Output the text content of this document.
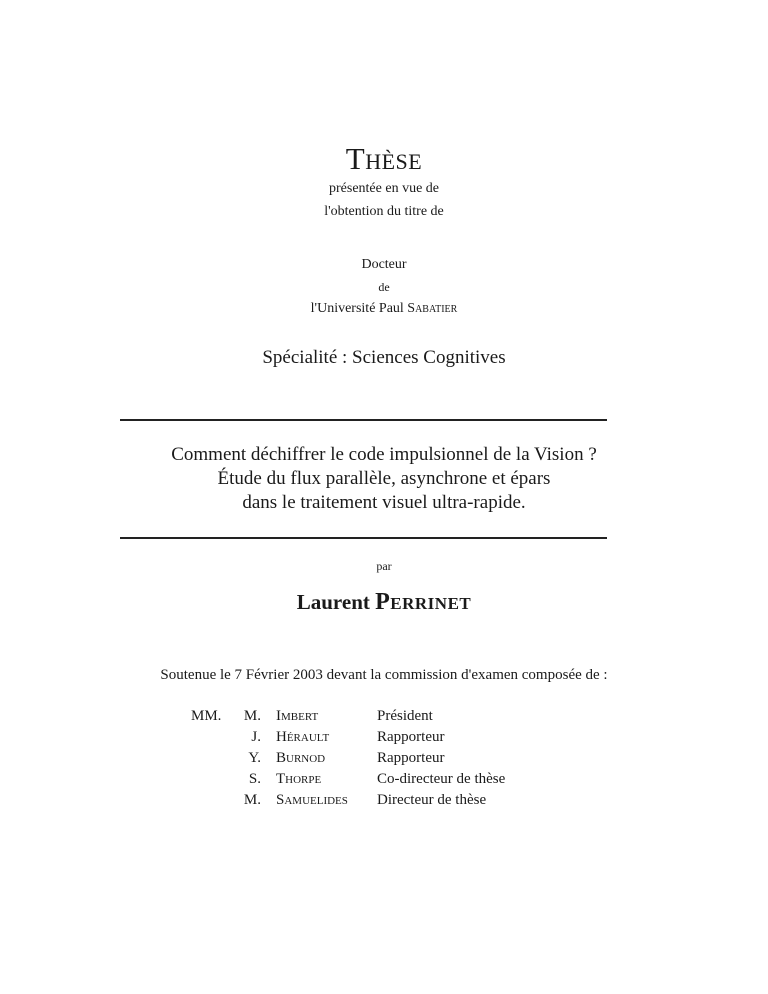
Thèse
présentée en vue de
l'obtention du titre de
Docteur
de
l'Université Paul Sabatier
Spécialité : Sciences Cognitives
Comment déchiffrer le code impulsionnel de la Vision ?
Étude du flux parallèle, asynchrone et épars
dans le traitement visuel ultra-rapide.
par
Laurent Perrinet
Soutenue le 7 Février 2003 devant la commission d'examen composée de :
MM. M. Imbert	Président
J. Hérault	Rapporteur
Y. Burnod	Rapporteur
S. Thorpe	Co-directeur de thèse
M. Samuelides Directeur de thèse
